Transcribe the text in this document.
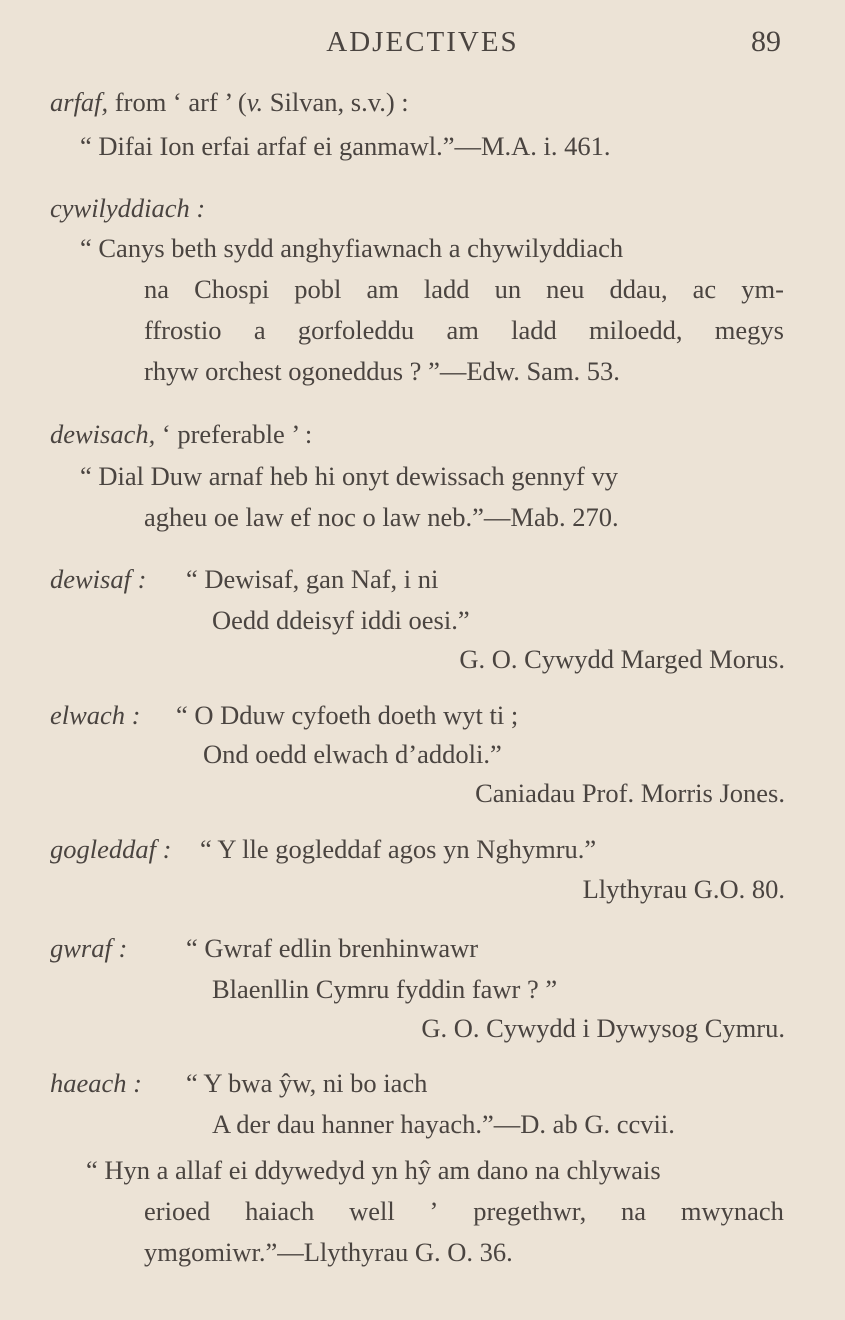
ADJECTIVES	89
arfaf, from ‘ arf ’ (v. Silvan, s.v.) :
“ Difai Ion erfai arfaf ei ganmawl.”—M.A. i. 461.
cywilyddiach :
“ Canys beth sydd anghyfiawnach a chywilyddiach
na Chospi pobl am ladd un neu ddau, ac ym-
ffrostio a gorfoleddu am ladd miloedd, megys
rhyw orchest ogoneddus ? ”—Edw. Sam. 53.
dewisach, ‘ preferable ’ :
“ Dial Duw arnaf heb hi onyt dewissach gennyf vy
agheu oe law ef noc o law neb.”—Mab. 270.
dewisaf : “ Dewisaf, gan Naf, i ni
Oedd ddeisyf iddi oesi.”
G. O. Cywydd Marged Morus.
elwach : “ O Dduw cyfoeth doeth wyt ti ;
Ond oedd elwach d’addoli.”
Caniadau Prof. Morris Jones.
gogleddaf : “ Y lle gogleddaf agos yn Nghymru.”
Llythyrau G.O. 80.
gwraf : “ Gwraf edlin brenhinwawr
Blaenllin Cymru fyddin fawr ? ”
G. O. Cywydd i Dywysog Cymru.
haeach : “ Y bwa ŷw, ni bo iach
A der dau hanner hayach.”—D. ab G. ccvii.
“ Hyn a allaf ei ddywedyd yn hŷ am dano na chlywais
erioed haiach well ’ pregethwr, na mwynach
ymgomiwr.”—Llythyrau G. O. 36.
